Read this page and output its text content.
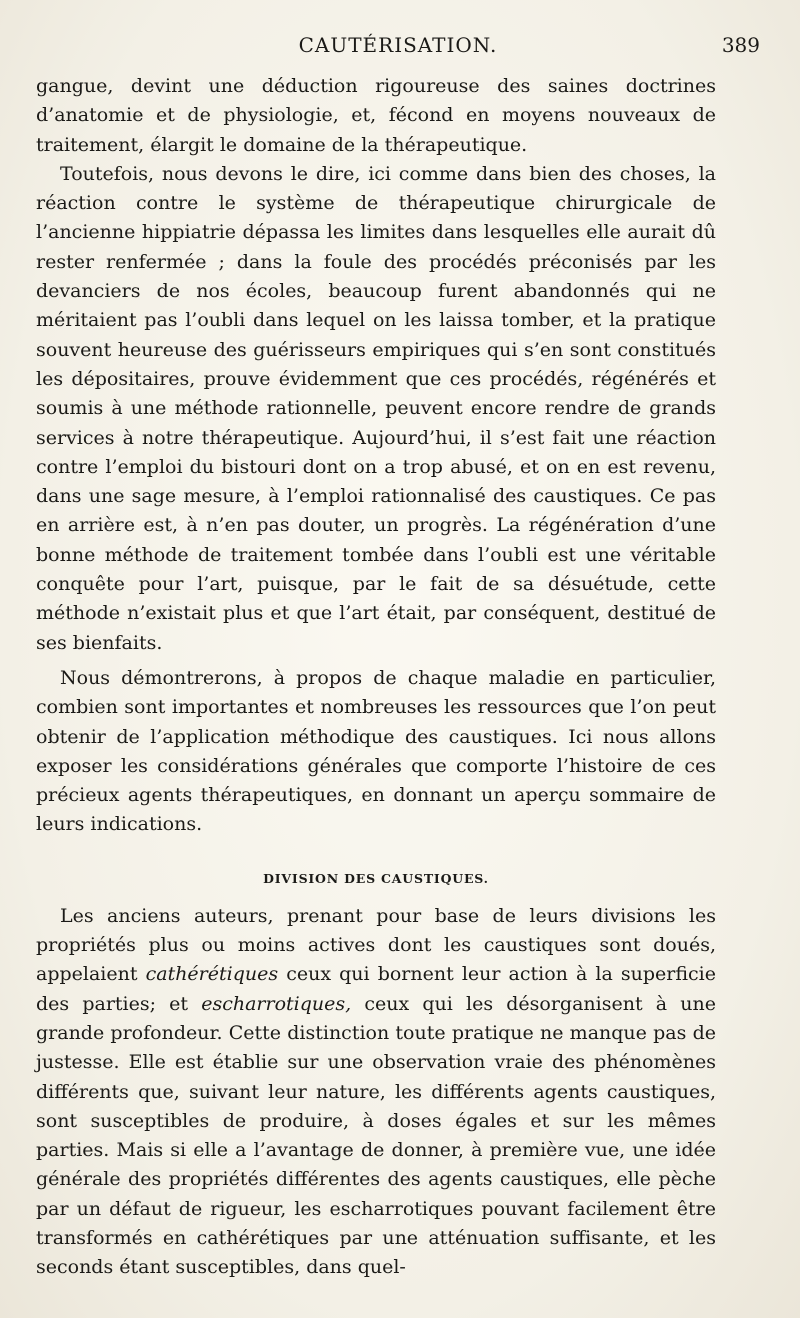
CAUTÉRISATION.	389

gangue, devint une déduction rigoureuse des saines doctrines d’anatomie et de physiologie, et, fécond en moyens nouveaux de traitement, élargit le domaine de la thérapeutique.

Toutefois, nous devons le dire, ici comme dans bien des choses, la réaction contre le système de thérapeutique chirurgicale de l’ancienne hippiatrie dépassa les limites dans lesquelles elle aurait dû rester renfermée ; dans la foule des procédés préconisés par les devanciers de nos écoles, beaucoup furent abandonnés qui ne méritaient pas l’oubli dans lequel on les laissa tomber, et la pratique souvent heureuse des guérisseurs empiriques qui s’en sont constitués les dépositaires, prouve évidemment que ces procédés, régénérés et soumis à une méthode rationnelle, peuvent encore rendre de grands services à notre thérapeutique. Aujourd’hui, il s’est fait une réaction contre l’emploi du bistouri dont on a trop abusé, et on en est revenu, dans une sage mesure, à l’emploi rationnalisé des caustiques. Ce pas en arrière est, à n’en pas douter, un progrès. La régénération d’une bonne méthode de traitement tombée dans l’oubli est une véritable conquête pour l’art, puisque, par le fait de sa désuétude, cette méthode n’existait plus et que l’art était, par conséquent, destitué de ses bienfaits.

Nous démontrerons, à propos de chaque maladie en particulier, combien sont importantes et nombreuses les ressources que l’on peut obtenir de l’application méthodique des caustiques. Ici nous allons exposer les considérations générales que comporte l’histoire de ces précieux agents thérapeutiques, en donnant un aperçu sommaire de leurs indications.

DIVISION DES CAUSTIQUES.

Les anciens auteurs, prenant pour base de leurs divisions les propriétés plus ou moins actives dont les caustiques sont doués, appelaient cathérétiques ceux qui bornent leur action à la superficie des parties; et escharrotiques, ceux qui les désorganisent à une grande profondeur. Cette distinction toute pratique ne manque pas de justesse. Elle est établie sur une observation vraie des phénomènes différents que, suivant leur nature, les différents agents caustiques, sont susceptibles de produire, à doses égales et sur les mêmes parties. Mais si elle a l’avantage de donner, à première vue, une idée générale des propriétés différentes des agents caustiques, elle pèche par un défaut de rigueur, les escharrotiques pouvant facilement être transformés en cathérétiques par une atténuation suffisante, et les seconds étant susceptibles, dans quel-
